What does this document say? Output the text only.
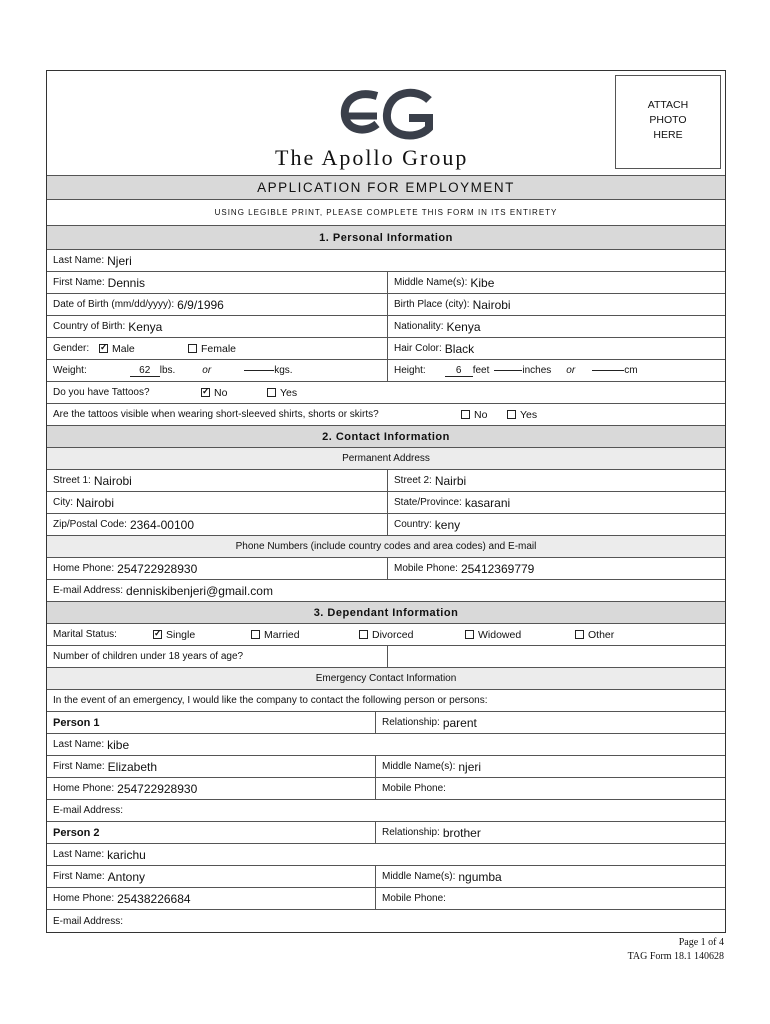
The Apollo Group
ATTACH
PHOTO
HERE
APPLICATION FOR EMPLOYMENT
USING LEGIBLE PRINT, PLEASE COMPLETE THIS FORM IN ITS ENTIRETY
1. Personal Information
Last Name: Njeri
First Name: Dennis	Middle Name(s): Kibe
Date of Birth (mm/dd/yyyy): 6/9/1996	Birth Place (city): Nairobi
Country of Birth: Kenya	Nationality: Kenya
Gender: ✓ Male	Female	Hair Color: Black
Weight:	62 lbs.	or	kgs.	Height:	6	feet	inches or	cm
Do you have Tattoos? ✓	No	Yes
Are the tattoos visible when wearing short-sleeved shirts, shorts or skirts?	No	Yes
2. Contact Information
Permanent Address
Street 1: Nairobi	Street 2: Nairbi
City: Nairobi	State/Province: kasarani
Zip/Postal Code: 2364-00100	Country: keny
Phone Numbers (include country codes and area codes) and E-mail
Home Phone: 254722928930	Mobile Phone: 25412369779
E-mail Address: denniskibenjeri@gmail.com
3. Dependant Information
Marital Status: ✓	Single	Married	Divorced	Widowed	Other
Number of children under 18 years of age?
Emergency Contact Information
In the event of an emergency, I would like the company to contact the following person or persons:
Person 1	Relationship: parent
Last Name: kibe
First Name: Elizabeth	Middle Name(s): njeri
Home Phone: 254722928930	Mobile Phone:
E-mail Address:
Person 2	Relationship: brother
Last Name: karichu
First Name: Antony	Middle Name(s): ngumba
Home Phone: 25438226684	Mobile Phone:
E-mail Address:
Page 1 of 4
TAG Form 18.1 140628
